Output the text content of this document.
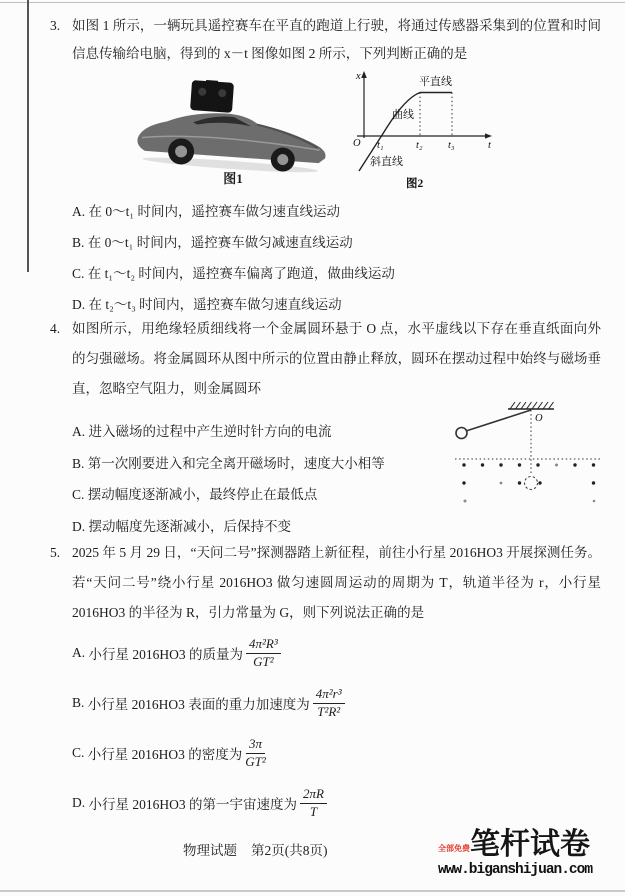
3. 如图 1 所示，一辆玩具遥控赛车在平直的跑道上行驶，将通过传感器采集到的位置和时间信息传输给电脑，得到的 x－t 图像如图 2 所示，下列判断正确的是
图1
x
t
O t₁	t₂ t₃
平直线
曲线
斜直线
图2
A. 在 0～t₁ 时间内，遥控赛车做匀速直线运动
B. 在 0～t₁ 时间内，遥控赛车做匀减速直线运动
C. 在 t₁～t₂ 时间内，遥控赛车偏离了跑道，做曲线运动
D. 在 t₂～t₃ 时间内，遥控赛车做匀速直线运动
4. 如图所示，用绝缘轻质细线将一个金属圆环悬于 O 点，水平虚线以下存在垂直纸面向外的匀强磁场。将金属圆环从图中所示的位置由静止释放，圆环在摆动过程中始终与磁场垂直，忽略空气阻力，则金属圆环
A. 进入磁场的过程中产生逆时针方向的电流
B. 第一次刚要进入和完全离开磁场时，速度大小相等
C. 摆动幅度逐渐减小，最终停止在最低点
D. 摆动幅度先逐渐减小，后保持不变
O
5. 2025 年 5 月 29 日，“天问二号”探测器踏上新征程，前往小行星 2016HO3 开展探测任务。若“天问二号”绕小行星 2016HO3 做匀速圆周运动的周期为 T，轨道半径为 r，小行星 2016HO3 的半径为 R，引力常量为 G，则下列说法正确的是
A.
小行星 2016HO3 的质量为 $\frac{\text{4π²R³}}{\text{GT²}}$
B.
小行星 2016HO3 表面的重力加速度为 $\frac{\text{4π²r³}}{\text{T²R²}}$
C.
小行星 2016HO3 的密度为 $\frac{3\pi}{\text{GT²}}$
D.
小行星 2016HO3 的第一宇宙速度为 $\frac{2\pi R}{T}$
物理试题 第2页(共8页)	全部免费 笔杆试卷
www.biganshijuan.com
